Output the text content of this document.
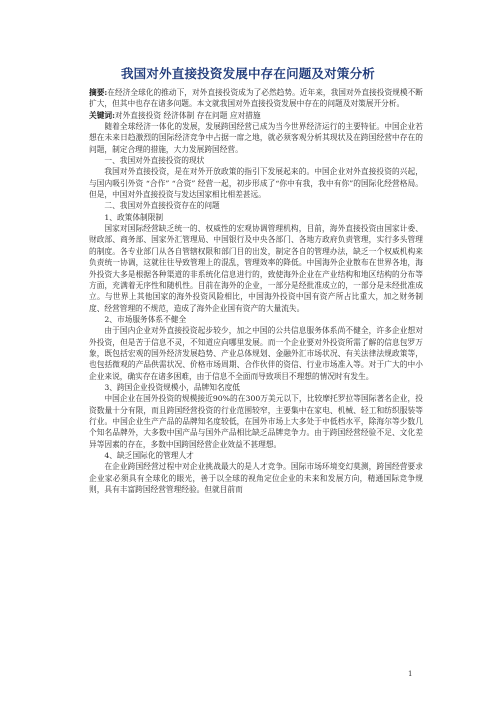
我国对外直接投资发展中存在问题及对策分析

摘要:在经济全球化的推动下，对外直接投资成为了必然趋势。近年来，我国对外直接投资规模不断扩大，但其中也存在诸多问题。本文就我国对外直接投资发展中存在的问题及对策展开分析。

关键词:对外直接投资 经济体制 存在问题 应对措施

随着全球经济一体化的发展，发展跨国经营已成为当今世界经济运行的主要特征。中国企业若想在未来日趋激烈的国际经济竞争中占据一席之地，就必须客观分析其现状及在跨国经营中存在的问题，制定合理的措施，大力发展跨国经营。

一、我国对外直接投资的现状

我国对外直接投资，是在对外开放政策的指引下发展起来的。中国企业对外直接投资的兴起，与国内吸引外资 “合作” “合资” 经营一起，初步形成了“你中有我，我中有你”的国际化经营格局。但是，中国对外直接投资与发达国家相比相差甚远。

二、我国对外直接投资存在的问题

1、政策体制限制

国家对国际经营缺乏统一的、权威性的宏观协调管理机构，目前，海外直接投资由国家计委、财政部、商务部、国家外汇管理局、中国银行及中央各部门、各地方政府负责管理，实行多头管理的制度。各专业部门从各自管辖权限和部门目的出发，制定各自的管理办法，缺乏一个权威机构来负责统一协调，这就往往导致管理上的混乱，管理效率的降低。中国海外企业散布在世界各地，海外投资大多是根据各种渠道的非系统化信息进行的，致使海外企业在产业结构和地区结构的分布等方面，充满着无序性和随机性。目前在海外的企业，一部分是经批准成立的，一部分是未经批准成立。与世界上其他国家的海外投资风险相比，中国海外投资中国有资产所占比重大，加之财务制度、经营管理的不规范，造成了海外企业国有资产的大量流失。

2、市场服务体系不健全

由于国内企业对外直接投资起步较少，加之中国的公共信息服务体系尚不健全，许多企业想对外投资，但是苦于信息不灵，不知道应向哪里发展。而一个企业要对外投资所需了解的信息包罗万象，既包括宏观的国外经济发展趋势、产业总体规划、金融外汇市场状况、有关法律法规政策等，也包括微观的产品供需状况、价格市场周期、合作伙伴的资信、行业市场准入等。对于广大的中小企业来说，确实存在诸多困难，由于信息不全面而导致项目不理想的情况时有发生。

3、跨国企业投资规模小，品牌知名度低

中国企业在国外投资的规模接近90%的在300万美元以下，比较摩托罗拉等国际著名企业，投资数量十分有限，而且跨国经营投资的行业范围较窄，主要集中在家电、机械、轻工和纺织服装等行业。中国企业生产产品的品牌知名度较低，在国外市场上大多处于中低档水平，除海尔等少数几个知名品牌外，大多数中国产品与国外产品相比缺乏品牌竞争力。由于跨国经营经验不足、文化差异等因素的存在，多数中国跨国经营企业效益不甚理想。

4、缺乏国际化的管理人才

在企业跨国经营过程中对企业挑战最大的是人才竞争。国际市场环境变幻莫测，跨国经营要求企业家必须具有全球化的眼光，善于以全球的视角定位企业的未来和发展方向，精通国际竞争规则，具有丰富跨国经营管理经验。但就目前而

1
